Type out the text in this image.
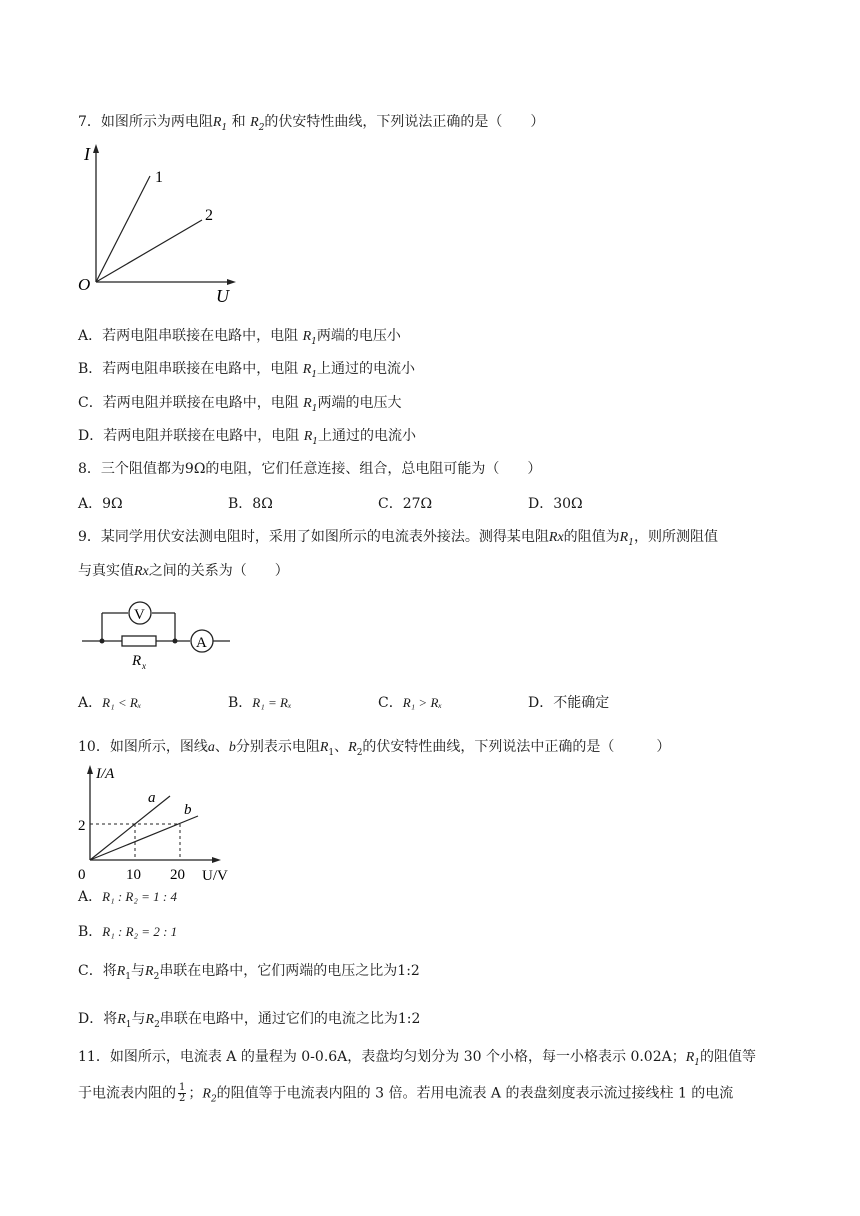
7．如图所示为两电阻$R_1$ 和 $R_2$的伏安特性曲线，下列说法正确的是（　　）
I
U
O
1
2
A．若两电阻串联接在电路中，电阻 $R_1$两端的电压小
B．若两电阻串联接在电路中，电阻 $R_1$上通过的电流小
C．若两电阻并联接在电路中，电阻 $R_1$两端的电压大
D．若两电阻并联接在电路中，电阻 $R_1$上通过的电流小
8．三个阻值都为9Ω的电阻，它们任意连接、组合，总电阻可能为（　　）
A．9Ω	B．8Ω	C．27Ω	D．30Ω
9．某同学用伏安法测电阻时，采用了如图所示的电流表外接法。测得某电阻Rx的阻值为$R_1$，则所测阻值
与真实值Rx之间的关系为（　　）
V
A
R x
A．R₁ < Rₓ	B．R₁ = Rₓ	C．R₁ > Rₓ	D．不能确定
10．如图所示，图线a、b分别表示电阻$R_1$、$R_2$的伏安特性曲线，下列说法中正确的是（　　　）
I/A
U/V
0
2
10 20
a
b
A．R₁ : R₂ = 1 : 4
B．R₁ : R₂ = 2 : 1
C．将$R_1$与$R_2$串联在电路中，它们两端的电压之比为1:2
D．将$R_1$与$R_2$串联在电路中，通过它们的电流之比为1:2
11．如图所示，电流表 A 的量程为 0-0.6A，表盘均匀划分为 30 个小格，每一小格表示 0.02A；$R_1$的阻值等
于电流表内阻的 $\frac{1}{2}$ ；$R_2$的阻值等于电流表内阻的 3 倍。若用电流表 A 的表盘刻度表示流过接线柱 1 的电流
